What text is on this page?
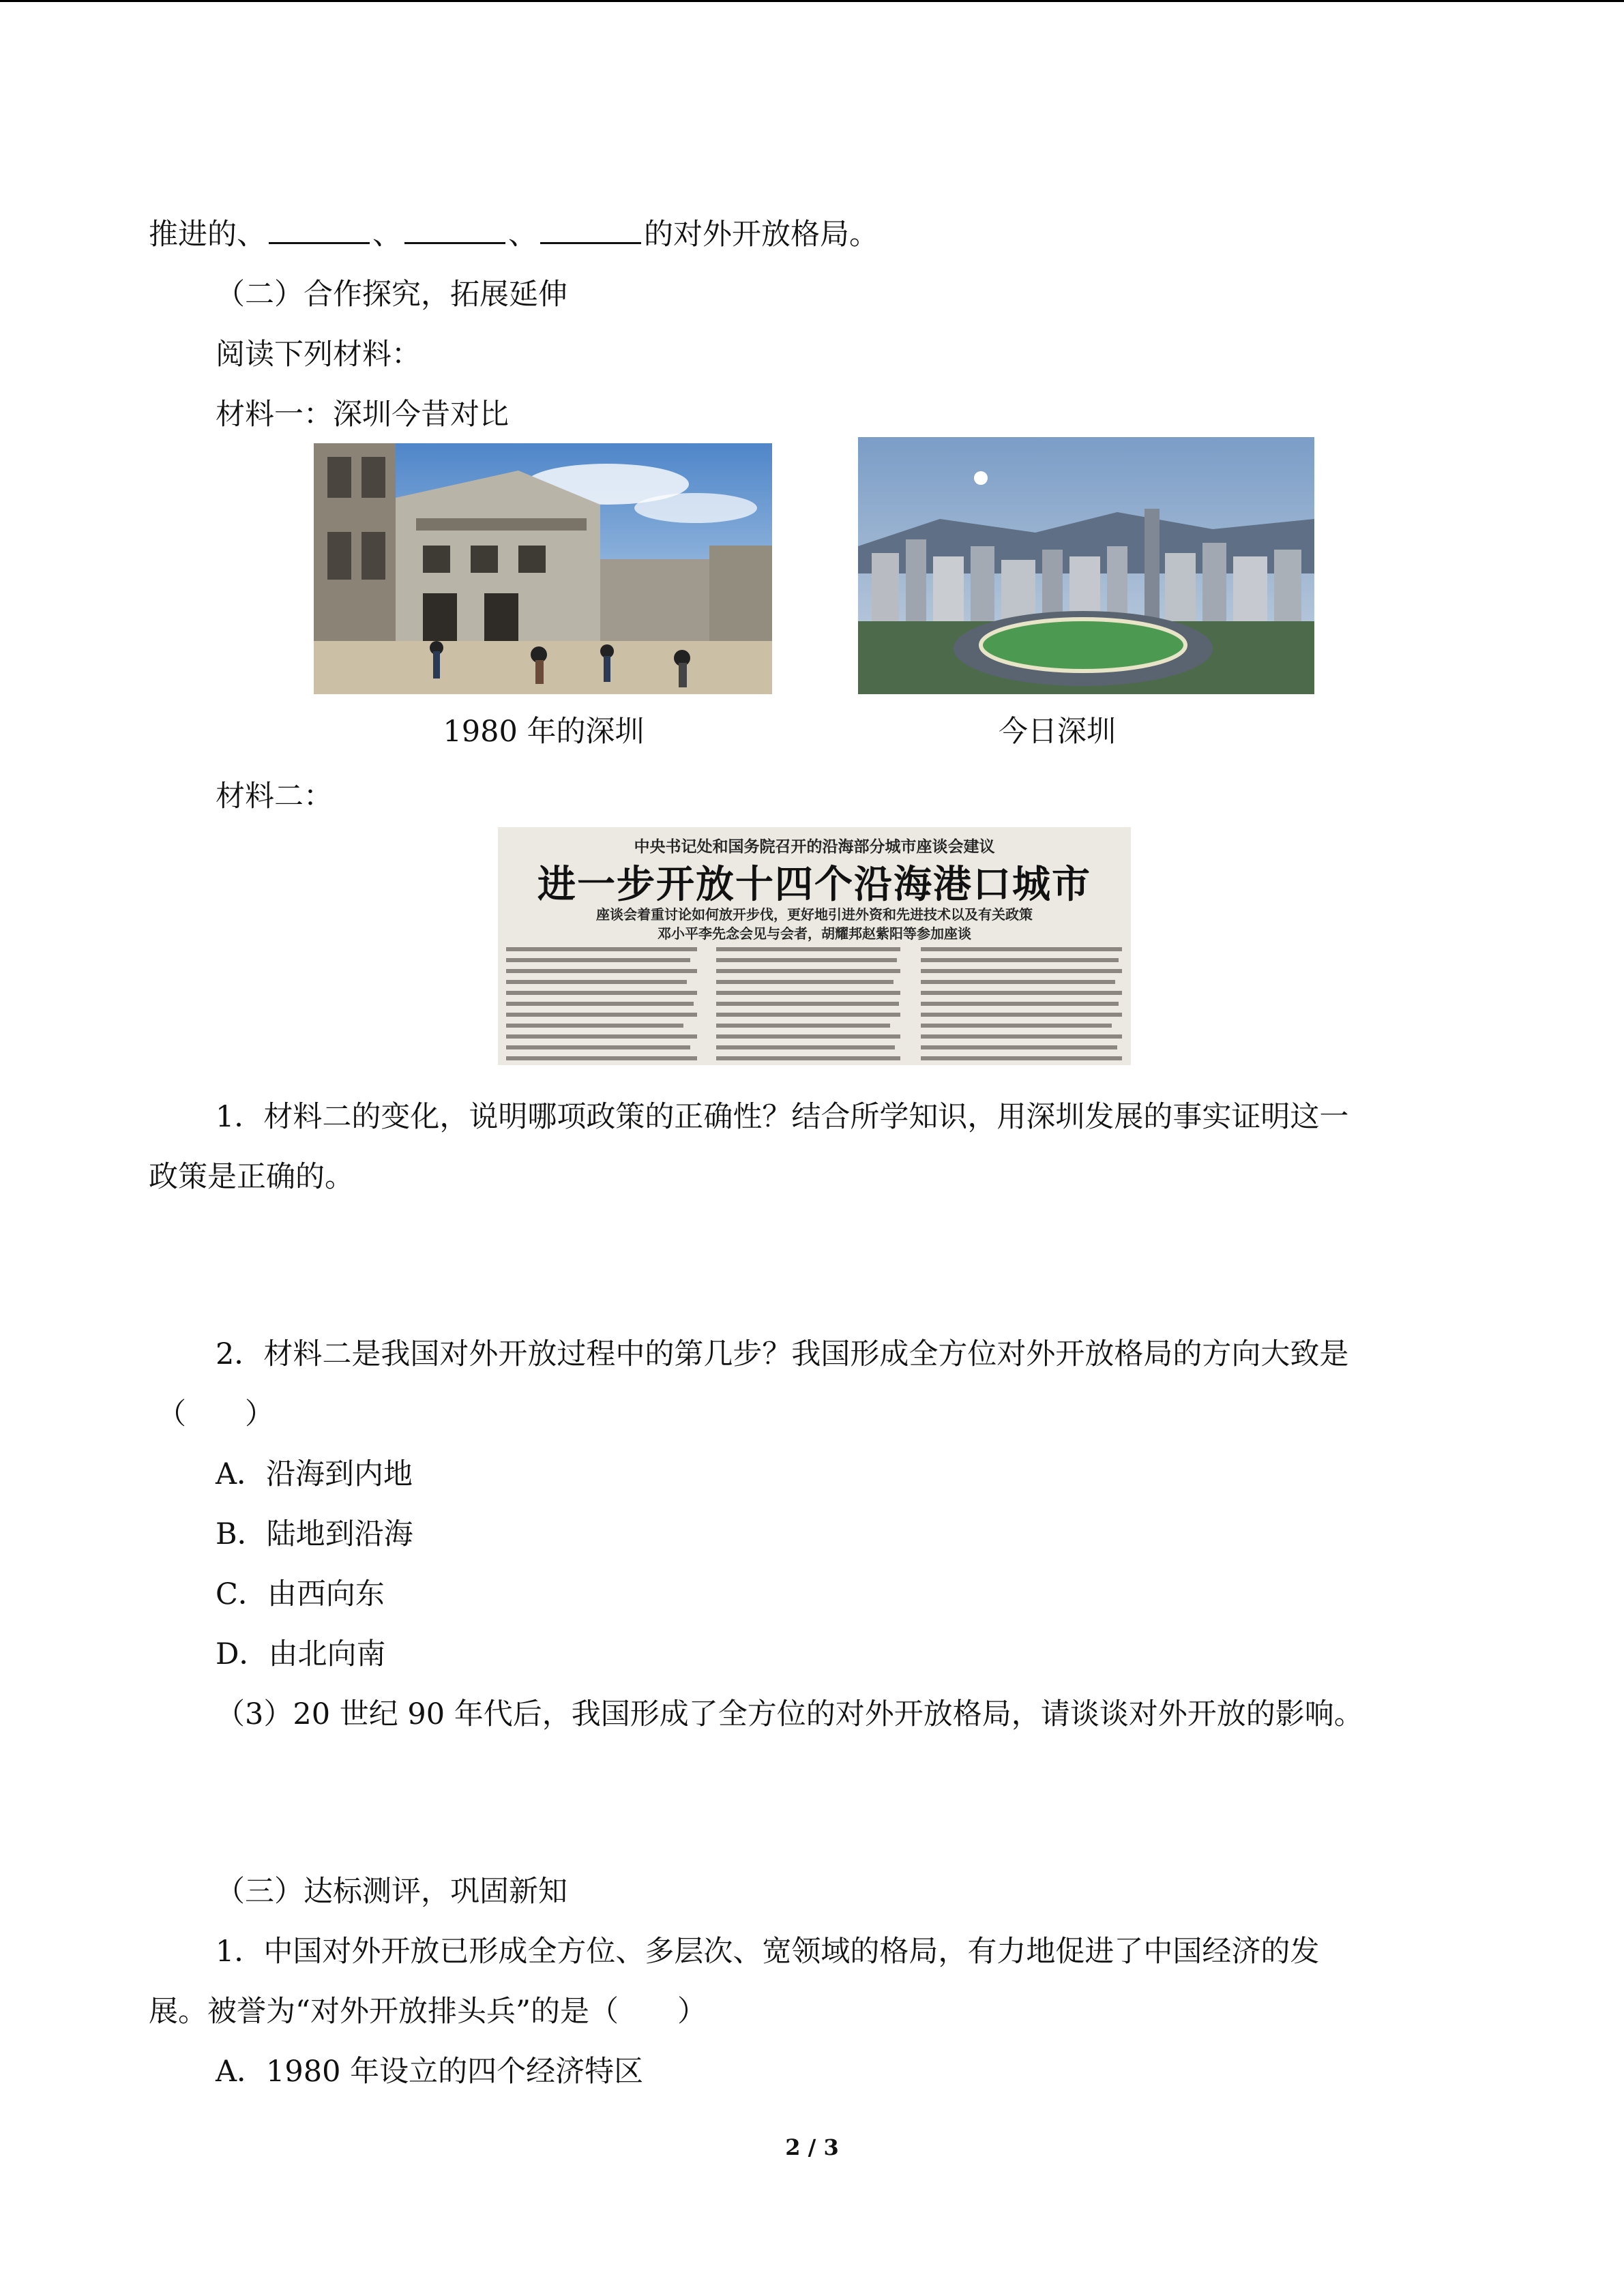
推进的、	、	、	的对外开放格局。
（二）合作探究，拓展延伸
阅读下列材料：
材料一：深圳今昔对比
1980 年的深圳	今日深圳
材料二：
中央书记处和国务院召开的沿海部分城市座谈会建议
进一步开放十四个沿海港口城市
座谈会着重讨论如何放开步伐，更好地引进外资和先进技术以及有关政策
邓小平李先念会见与会者，胡耀邦赵紫阳等参加座谈
1．材料二的变化，说明哪项政策的正确性？结合所学知识，用深圳发展的事实证明这一
政策是正确的。
2．材料二是我国对外开放过程中的第几步？我国形成全方位对外开放格局的方向大致是
（　　）
A．沿海到内地
B．陆地到沿海
C．由西向东
D．由北向南
（3）20 世纪 90 年代后，我国形成了全方位的对外开放格局，请谈谈对外开放的影响。
（三）达标测评，巩固新知
1．中国对外开放已形成全方位、多层次、宽领域的格局，有力地促进了中国经济的发
展。被誉为“对外开放排头兵”的是（　　）
A．1980 年设立的四个经济特区
2 / 3
